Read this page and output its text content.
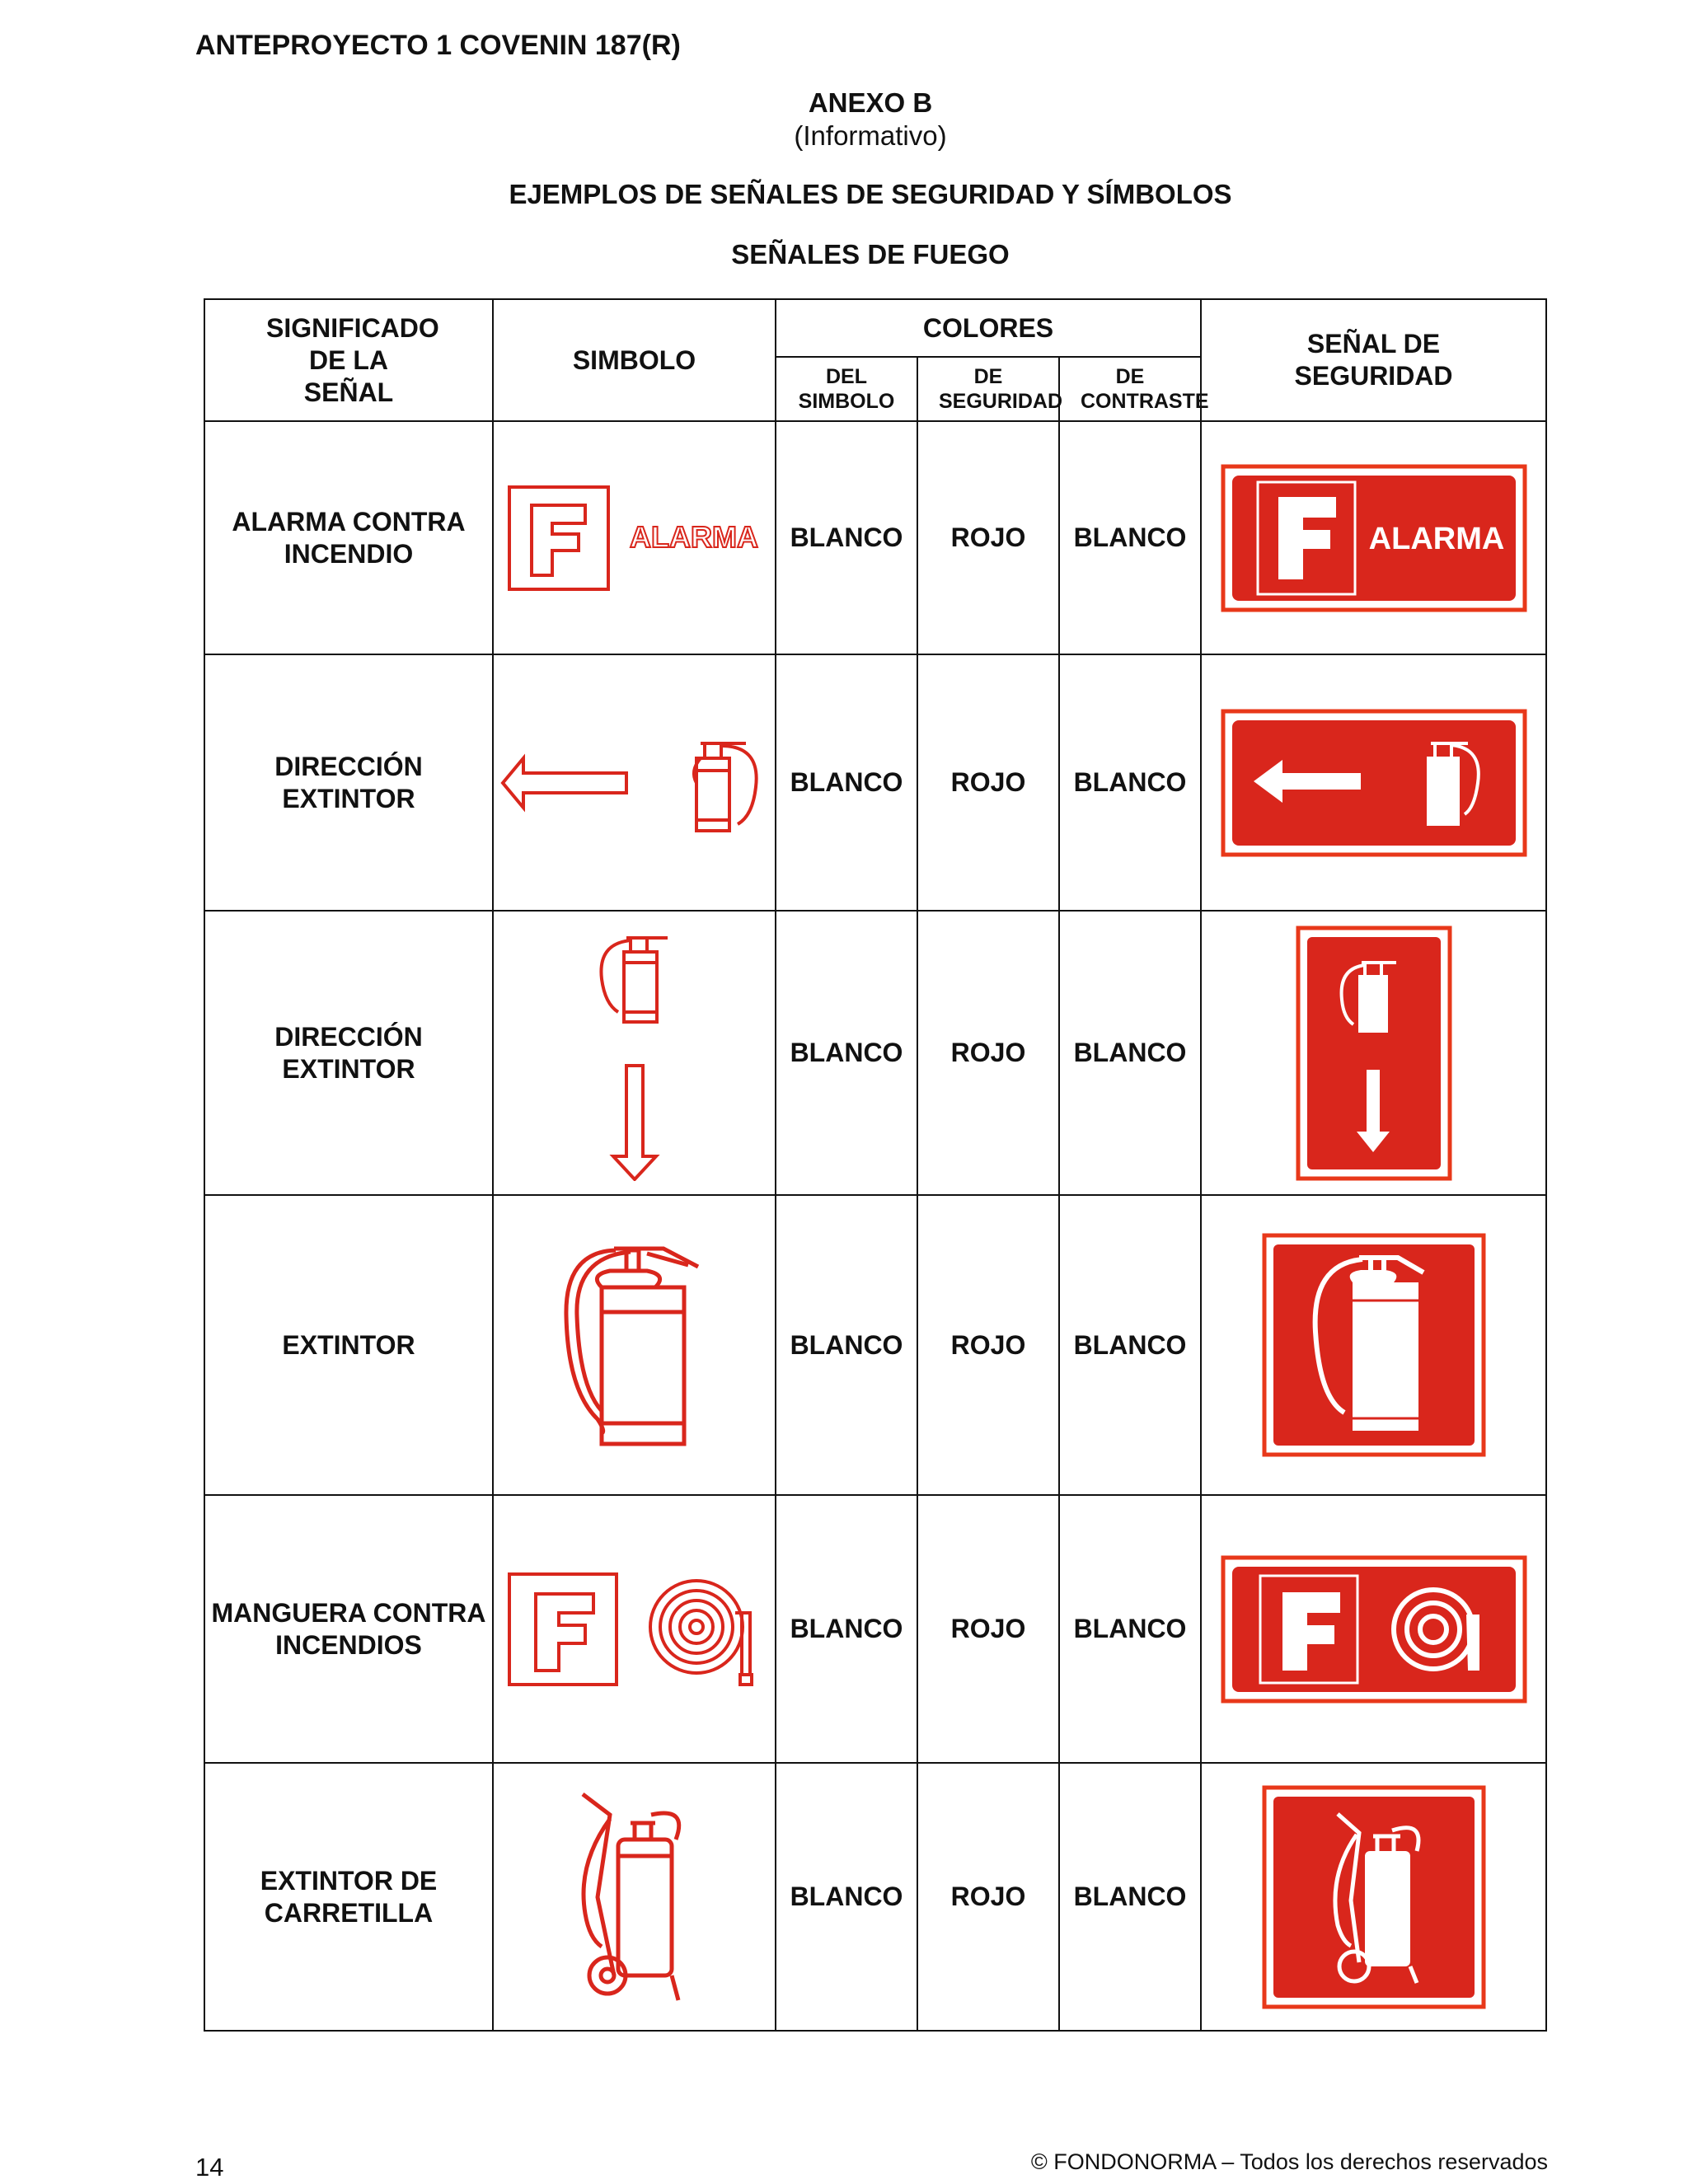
ANTEPROYECTO 1 COVENIN 187(R)
ANEXO B
(Informativo)
EJEMPLOS DE SEÑALES DE SEGURIDAD Y SÍMBOLOS
SEÑALES DE FUEGO
SIGNIFICADO DE LA SEÑAL	SIMBOLO	COLORES			SEÑAL DE SEGURIDAD

		DEL SIMBOLO	DE SEGURIDAD	DE CONTRASTE	

ALARMA CONTRA INCENDIO	ALARMA	BLANCO	ROJO	BLANCO	ALARMA

DIRECCIÓN EXTINTOR		BLANCO	ROJO	BLANCO	

DIRECCIÓN EXTINTOR		BLANCO	ROJO	BLANCO	

EXTINTOR		BLANCO	ROJO	BLANCO	

MANGUERA CONTRA INCENDIOS		BLANCO	ROJO	BLANCO	

EXTINTOR DE CARRETILLA		BLANCO	ROJO	BLANCO	
14	© FONDONORMA – Todos los derechos reservados
